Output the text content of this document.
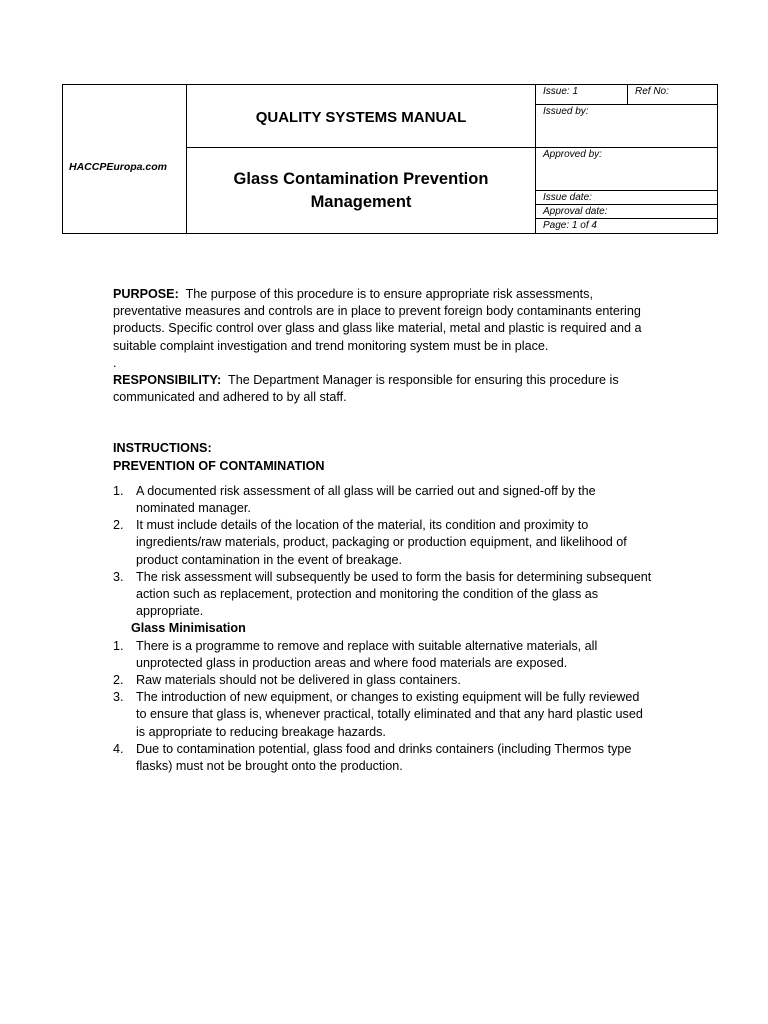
HACCPEuropa.com
QUALITY SYSTEMS MANUAL
Glass Contamination Prevention Management
Issue: 1	Ref No:
Issued by:
Approved by:
Issue date:
Approval date:
Page: 1 of 4

PURPOSE: The purpose of this procedure is to ensure appropriate risk assessments, preventative measures and controls are in place to prevent foreign body contaminants entering products. Specific control over glass and glass like material, metal and plastic is required and a suitable complaint investigation and trend monitoring system must be in place.

.

RESPONSIBILITY: The Department Manager is responsible for ensuring this procedure is communicated and adhered to by all staff.

INSTRUCTIONS:

PREVENTION OF CONTAMINATION

1. A documented risk assessment of all glass will be carried out and signed-off by the nominated manager.
2. It must include details of the location of the material, its condition and proximity to ingredients/raw materials, product, packaging or production equipment, and likelihood of product contamination in the event of breakage.
3. The risk assessment will subsequently be used to form the basis for determining subsequent action such as replacement, protection and monitoring the condition of the glass as appropriate.

Glass Minimisation

1. There is a programme to remove and replace with suitable alternative materials, all unprotected glass in production areas and where food materials are exposed.
2. Raw materials should not be delivered in glass containers.
3. The introduction of new equipment, or changes to existing equipment will be fully reviewed to ensure that glass is, whenever practical, totally eliminated and that any hard plastic used is appropriate to reducing breakage hazards.
4. Due to contamination potential, glass food and drinks containers (including Thermos type flasks) must not be brought onto the production.
